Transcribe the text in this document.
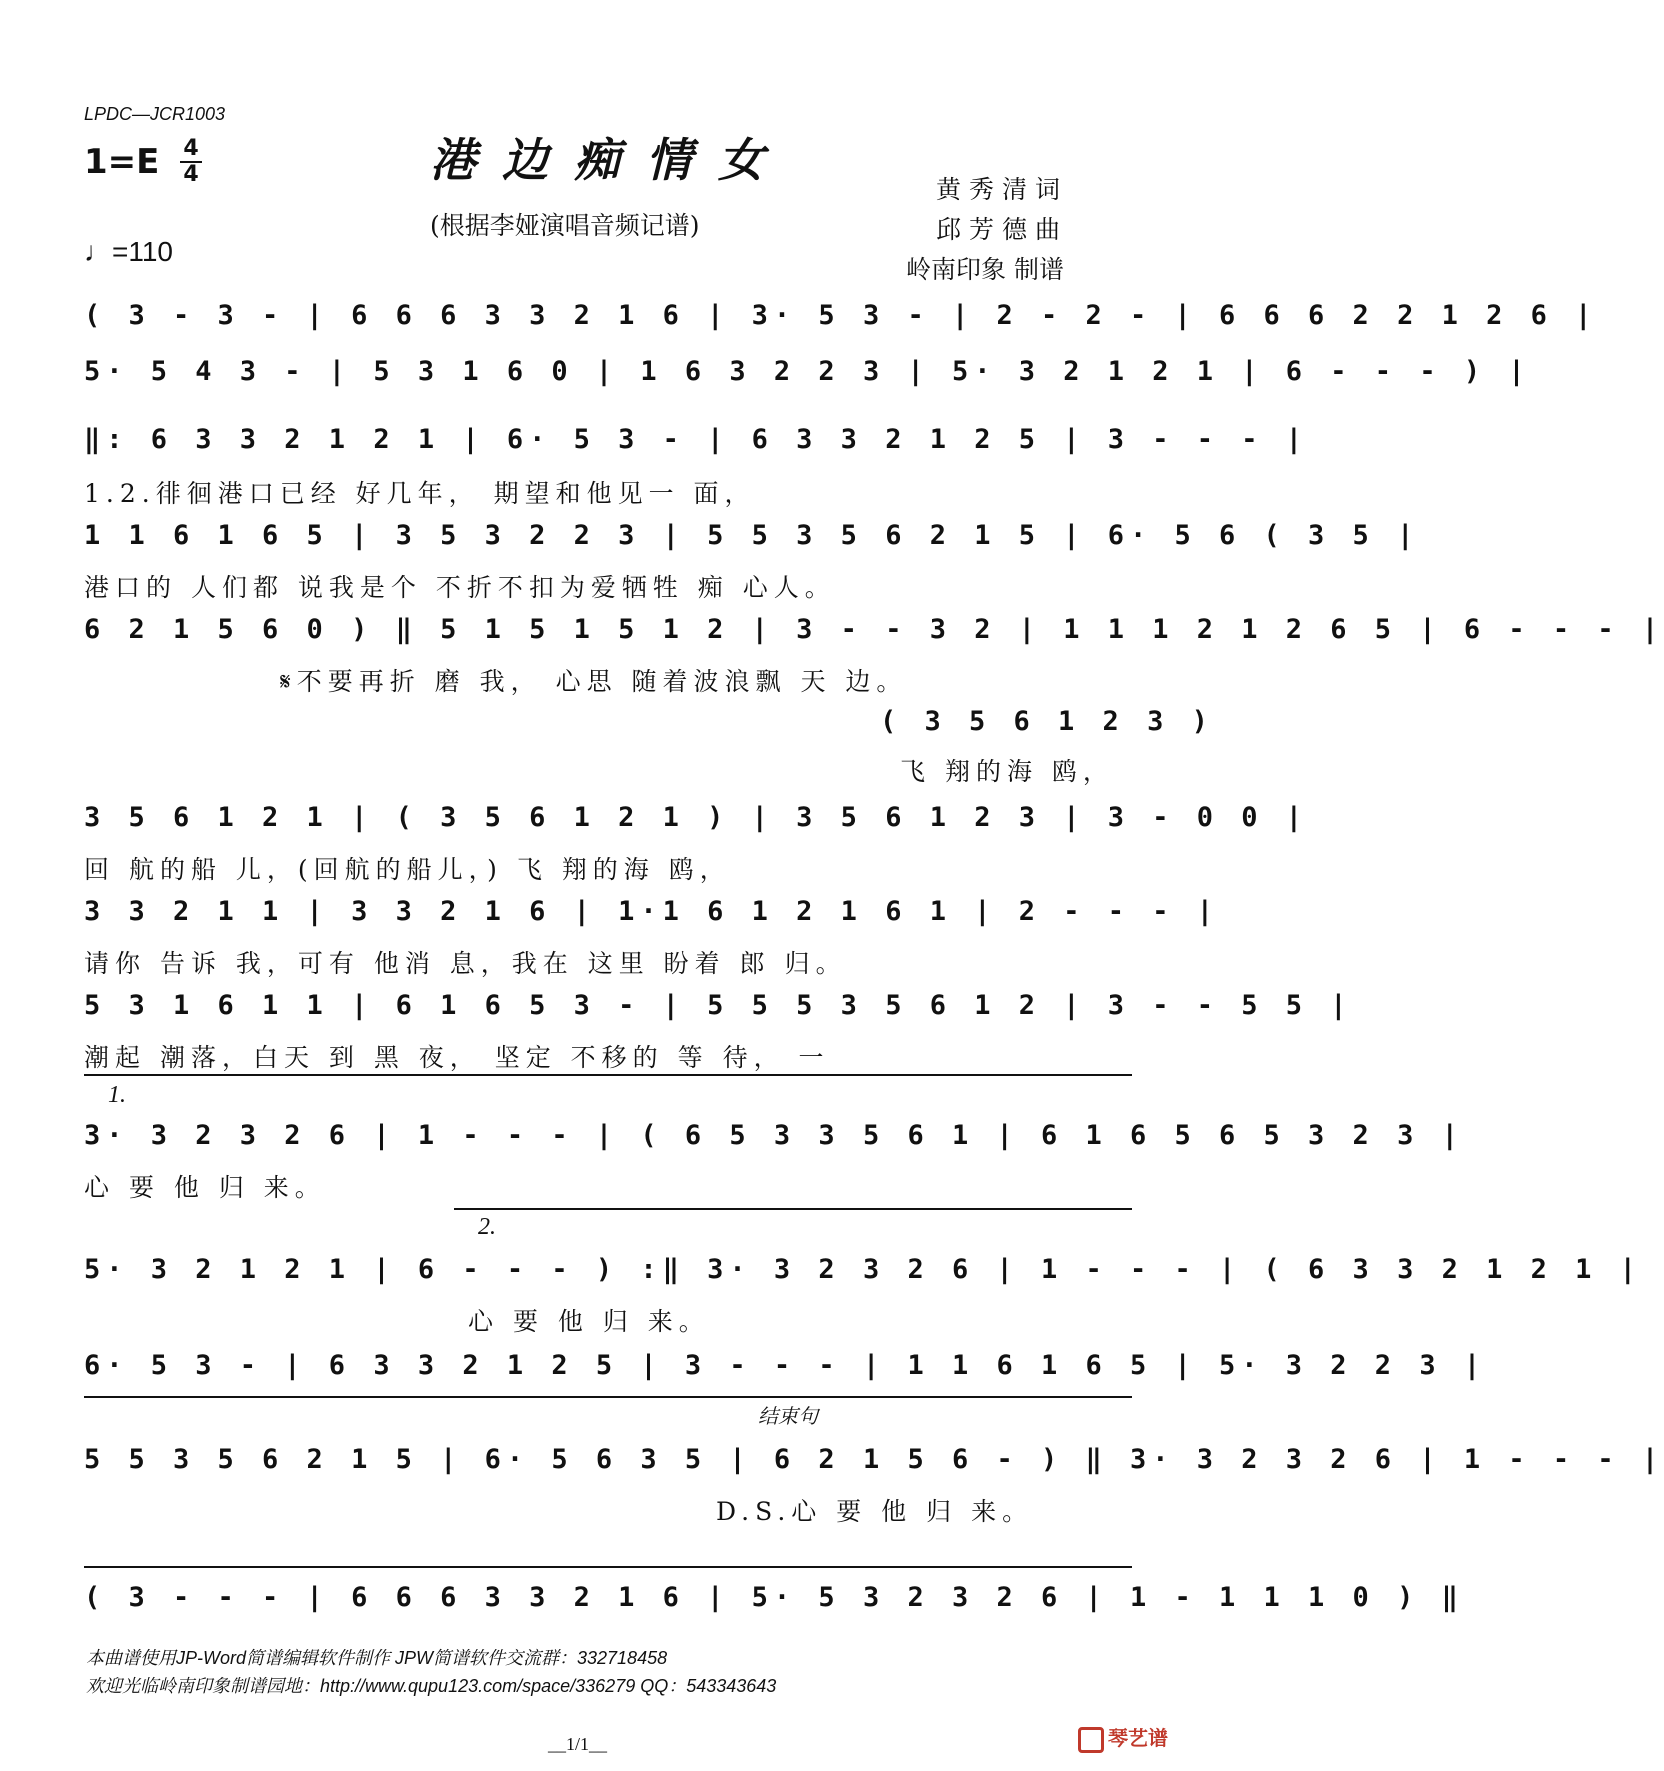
LPDC—JCR1003
1=E 4
4	港边痴情女
(根据李娅演唱音频记谱)
♩=110
黄秀清词
邱芳德曲
岭南印象 制谱
( 3 - 3 - | 6 6 6 3 3 2 1 6 | 3· 5 3 - | 2 - 2 - | 6 6 6 2 2 1 2 6 |
5· 5 4 3 - | 5 3 1 6 0 | 1 6 3 2 2 3 | 5· 3 2 1 2 1 | 6 - - - ) |
‖: 6 3 3 2 1 2 1 | 6· 5 3 - | 6 3 3 2 1 2 5 | 3 - - - |
1.2.徘徊港口已经 好几年， 期望和他见一 面，
1 1 6 1 6 5 | 3 5 3 2 2 3 | 5 5 3 5 6 2 1 5 | 6· 5 6 ( 3 5 |
港口的 人们都 说我是个 不折不扣为爱牺牲 痴 心人。
6 2 1 5 6 0 ) ‖ 5 1 5 1 5 1 2 | 3 - - 3 2 | 1 1 1 2 1 2 6 5 | 6 - - - |
𝄋不要再折 磨 我， 心思 随着波浪飘 天 边。
( 3 5 6 1 2 3 )
飞 翔的海 鸥，
3 5 6 1 2 1 | ( 3 5 6 1 2 1 ) | 3 5 6 1 2 3 | 3 - 0 0 |
回 航的船 儿，(回航的船儿，) 飞 翔的海 鸥，
3 3 2 1 1 | 3 3 2 1 6 | 1·1 6 1 2 1 6 1 | 2 - - - |
请你 告诉 我，可有 他消 息，我在 这里 盼着 郎 归。
5 3 1 6 1 1 | 6 1 6 5 3 - | 5 5 5 3 5 6 1 2 | 3 - - 5 5 |
潮起 潮落，白天 到 黑 夜， 坚定 不移的 等 待， 一
1.
3· 3 2 3 2 6 | 1 - - - | ( 6 5 3 3 5 6 1 | 6 1 6 5 6 5 3 2 3 |
心 要 他 归 来。
2.
5· 3 2 1 2 1 | 6 - - - ) :‖ 3· 3 2 3 2 6 | 1 - - - | ( 6 3 3 2 1 2 1 |
心 要 他 归 来。
6· 5 3 - | 6 3 3 2 1 2 5 | 3 - - - | 1 1 6 1 6 5 | 5· 3 2 2 3 |
结束句
5 5 3 5 6 2 1 5 | 6· 5 6 3 5 | 6 2 1 5 6 - ) ‖ 3· 3 2 3 2 6 | 1 - - - |
D.S.心 要 他 归 来。
( 3 - - - | 6 6 6 3 3 2 1 6 | 5· 5 3 2 3 2 6 | 1 - 1 1 1 0 ) ‖
本曲谱使用JP-Word简谱编辑软件制作 JPW简谱软件交流群：332718458
欢迎光临岭南印象制谱园地：http://www.qupu123.com/space/336279 QQ：543343643
__1/1__	琴艺谱
